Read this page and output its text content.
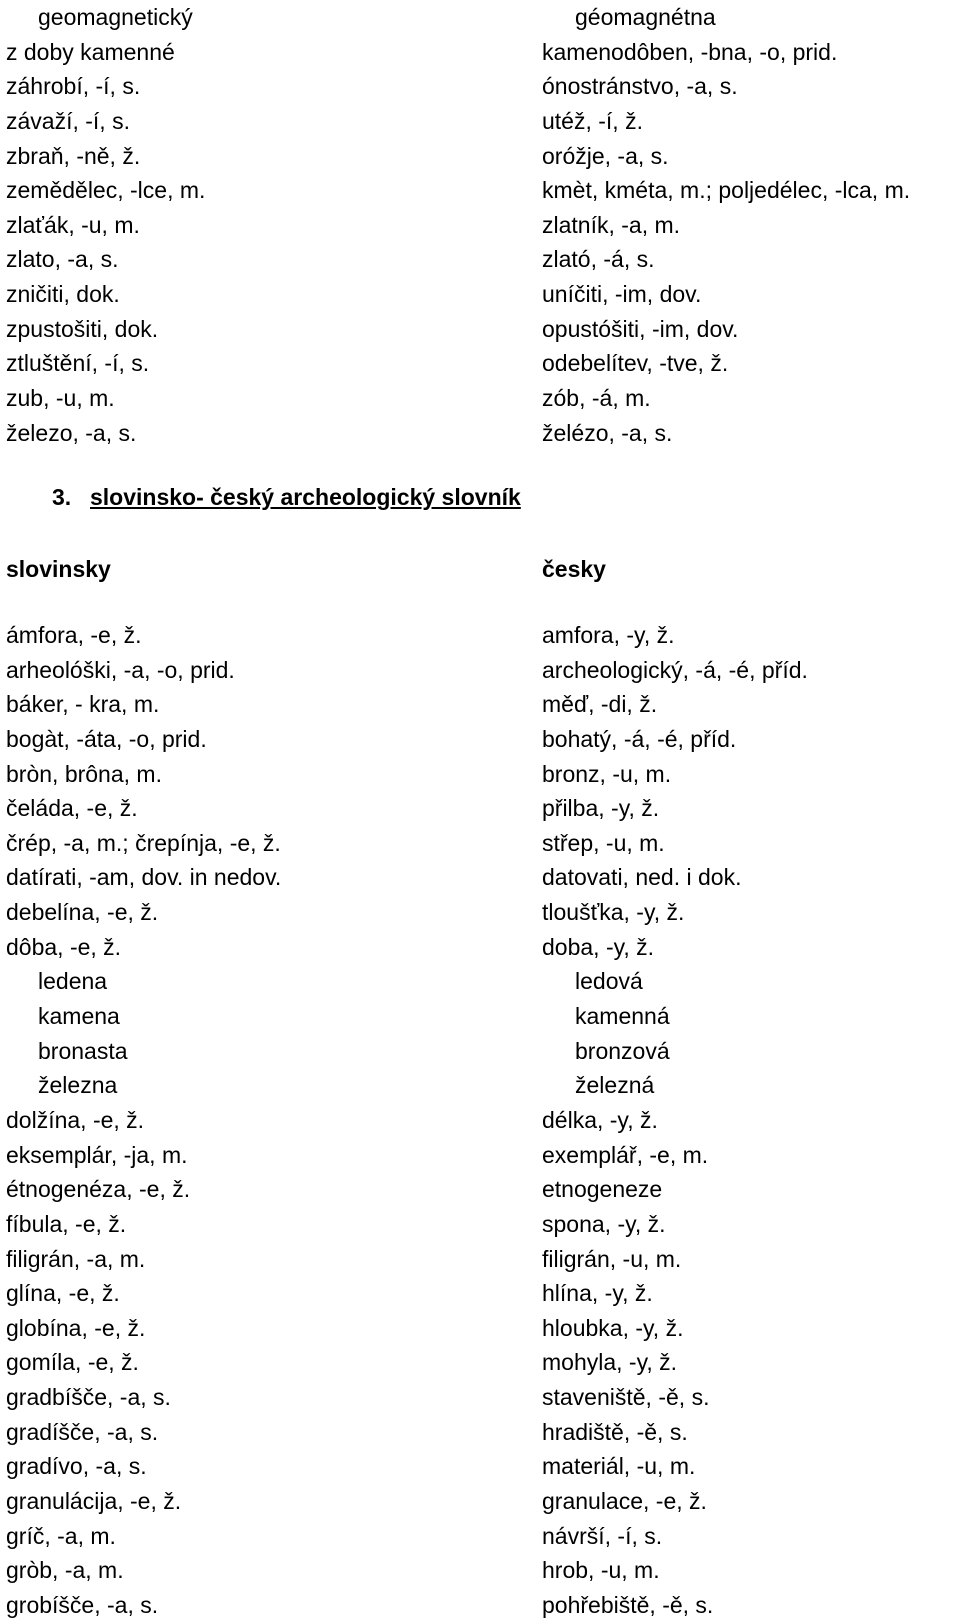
geomagnetický	géomagnétna
z doby kamenné	kamenodôben, -bna, -o, prid.
záhrobí, -í, s.	ónostránstvo, -a, s.
závaží, -í, s.	utéž, -í, ž.
zbraň, -ně, ž.	oróžje, -a, s.
zemědělec, -lce, m.	kmèt, kméta, m.; poljedélec, -lca, m.
zlaťák, -u, m.	zlatník, -a, m.
zlato, -a, s.	zlató, -á, s.
zničiti, dok.	uníčiti, -im, dov.
zpustošiti, dok.	opustóšiti, -im, dov.
ztluštění, -í, s.	odebelítev, -tve, ž.
zub, -u, m.	zób, -á, m.
železo, -a, s.	želézo, -a, s.
3. slovinsko- český archeologický slovník
slovinsky	česky
ámfora, -e, ž.	amfora, -y, ž.
arheolóški, -a, -o, prid.	archeologický, -á, -é, příd.
báker, - kra, m.	měď, -di, ž.
bogàt, -áta, -o, prid.	bohatý, -á, -é, příd.
bròn, brôna, m.	bronz, -u, m.
čeláda, -e, ž.	přilba, -y, ž.
črép, -a, m.; črepínja, -e, ž.	střep, -u, m.
datírati, -am, dov. in nedov.	datovati, ned. i dok.
debelína, -e, ž.	tloušťka, -y, ž.
dôba, -e, ž.	doba, -y, ž.
ledena	ledová
kamena	kamenná
bronasta	bronzová
železna	železná
dolžína, -e, ž.	délka, -y, ž.
eksemplár, -ja, m.	exemplář, -e, m.
étnogenéza, -e, ž.	etnogeneze
fíbula, -e, ž.	spona, -y, ž.
filigrán, -a, m.	filigrán, -u, m.
glína, -e, ž.	hlína, -y, ž.
globína, -e, ž.	hloubka, -y, ž.
gomíla, -e, ž.	mohyla, -y, ž.
gradbíšče, -a, s.	staveniště, -ě, s.
gradíšče, -a, s.	hradiště, -ě, s.
gradívo, -a, s.	materiál, -u, m.
granulácija, -e, ž.	granulace, -e, ž.
gríč, -a, m.	návrší, -í, s.
gròb, -a, m.	hrob, -u, m.
grobíšče, -a, s.	pohřebiště, -ě, s.
